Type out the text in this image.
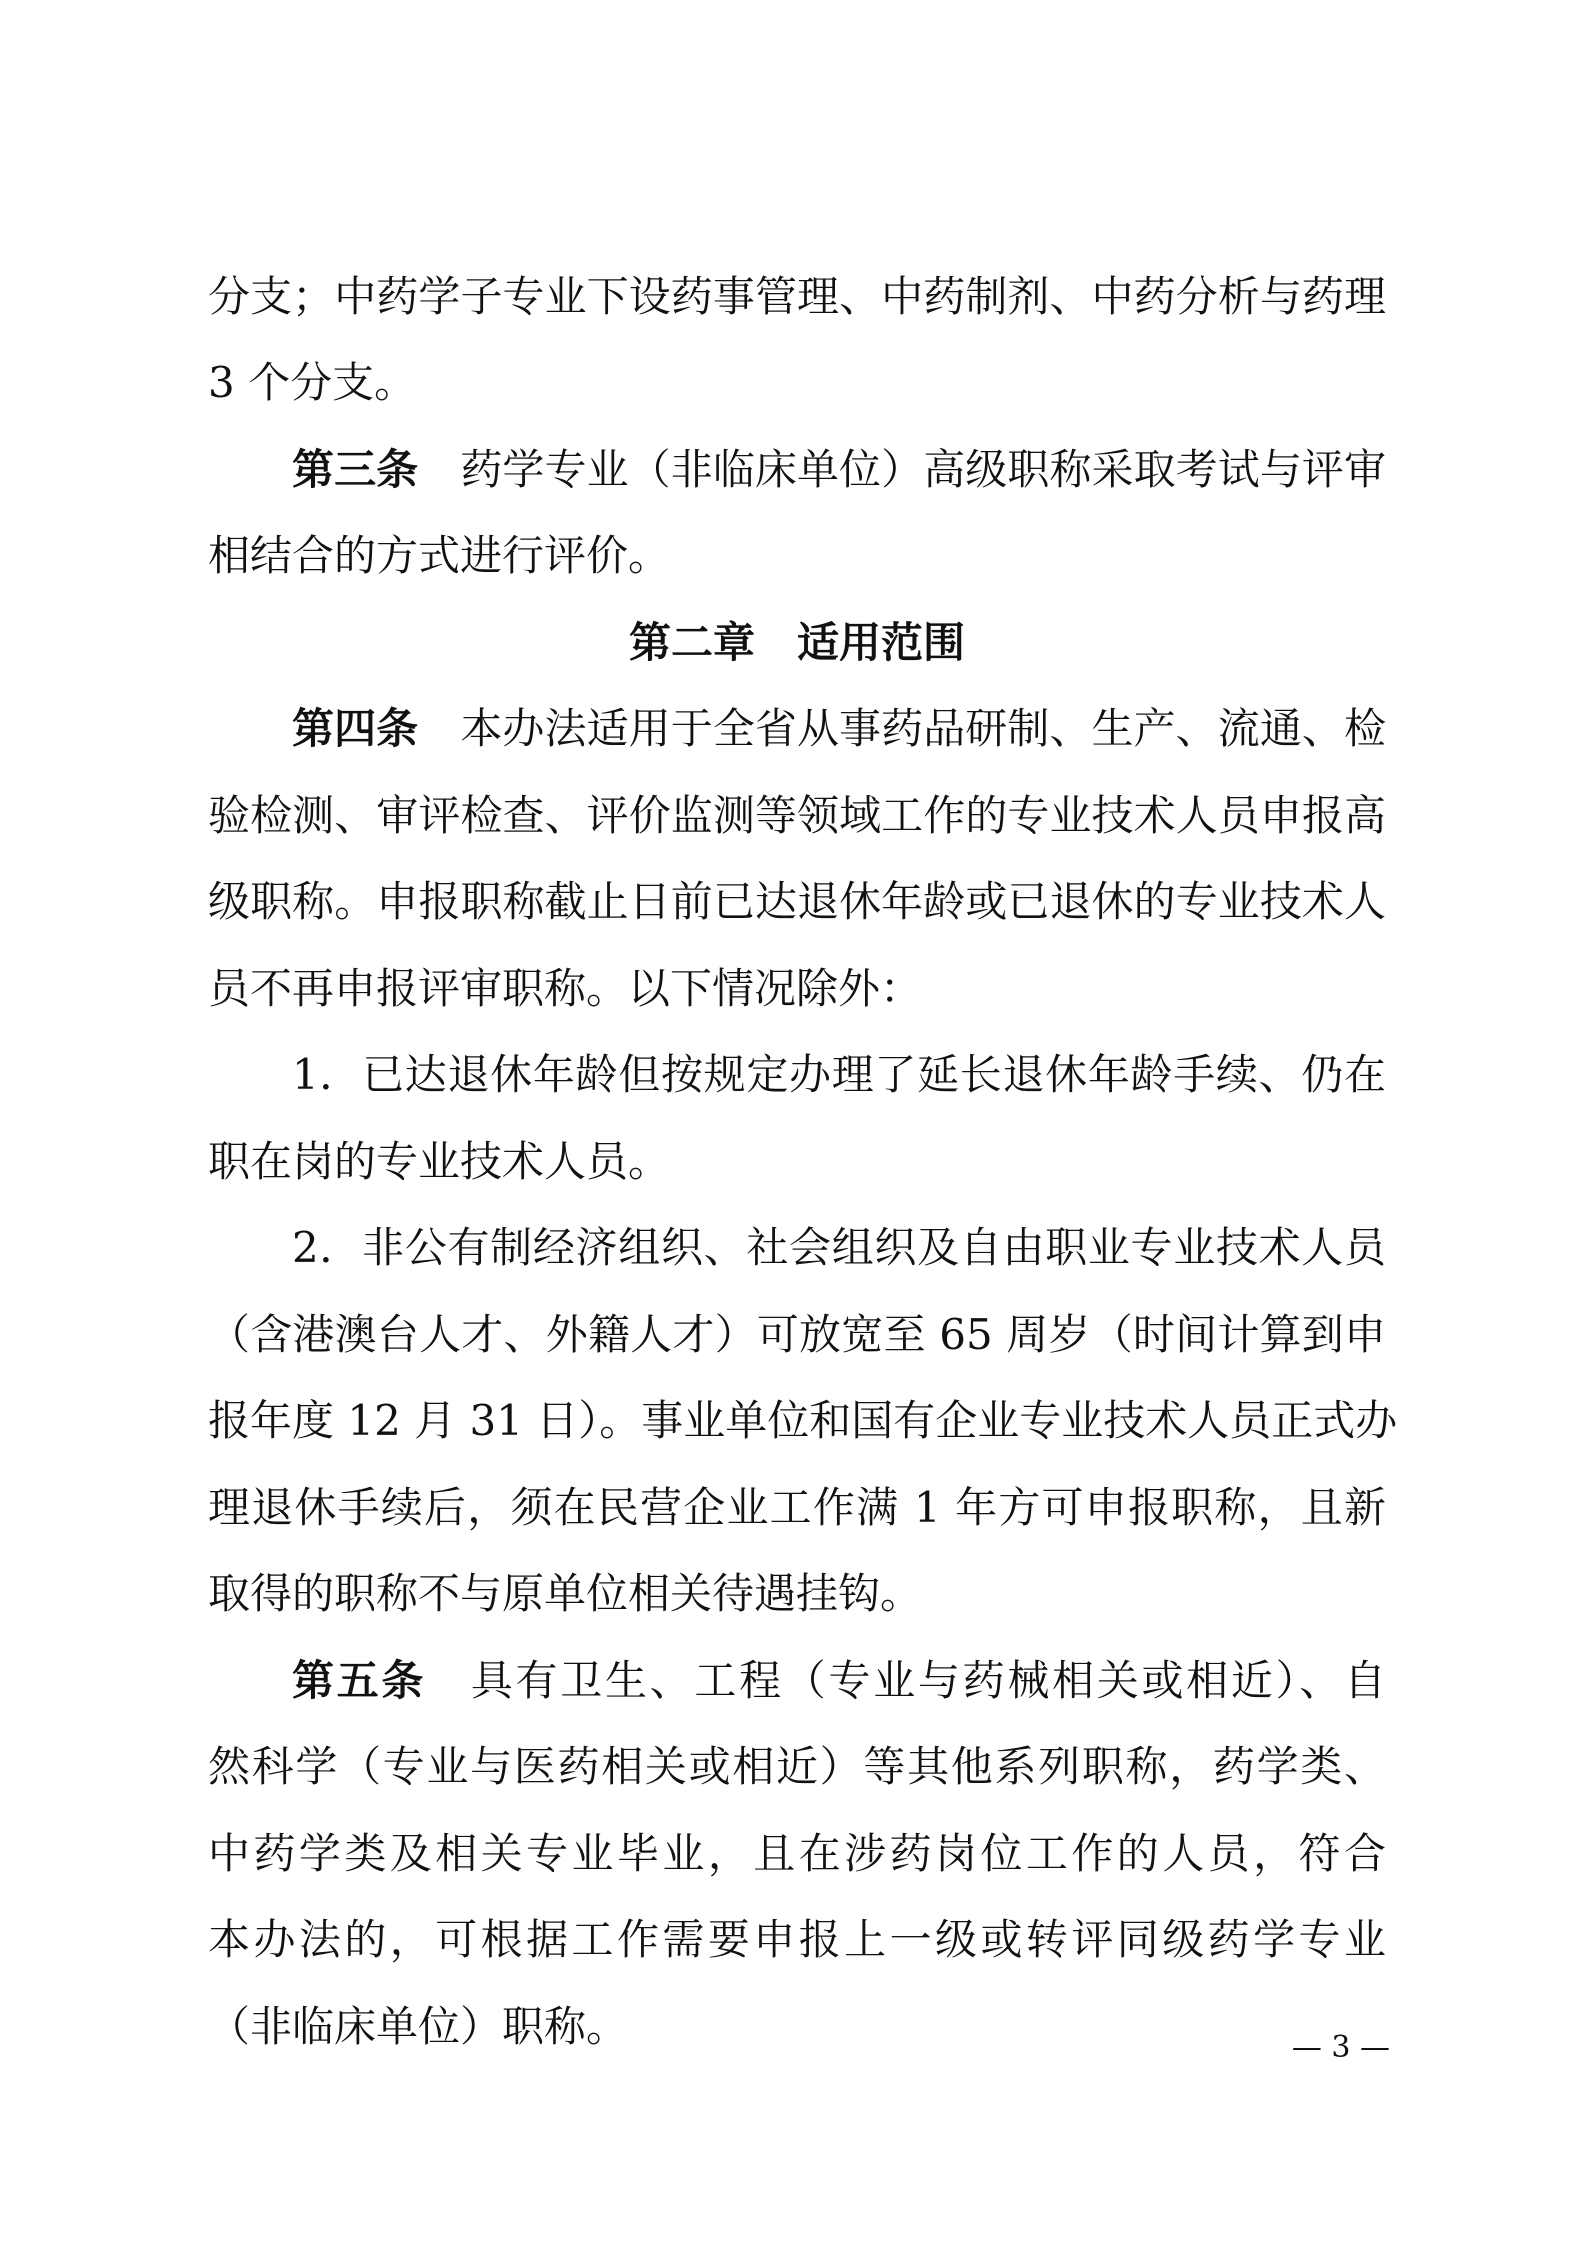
分支；中药学子专业下设药事管理、中药制剂、中药分析与药理
3 个分支。
第三条　 药学专业（非临床单位）高级职称采取考试与评审
相结合的方式进行评价。
第二章　适用范围
第四条　 本办法适用于全省从事药品研制、生产、流通、检
验检测、审评检查、评价监测等领域工作的专业技术人员申报高
级职称。申报职称截止日前已达退休年龄或已退休的专业技术人
员不再申报评审职称。以下情况除外：
1．已达退休年龄但按规定办理了延长退休年龄手续、仍在
职在岗的专业技术人员。
2．非公有制经济组织、社会组织及自由职业专业技术人员
（含港澳台人才、外籍人才）可放宽至 65 周岁（时间计算到申
报年度 12 月 31 日）。事业单位和国有企业专业技术人员正式办
理退休手续后，须在民营企业工作满 1 年方可申报职称，且新
取得的职称不与原单位相关待遇挂钩。
第五条　 具有卫生、工程（专业与药械相关或相近）、自
然科学（专业与医药相关或相近）等其他系列职称，药学类、
中药学类及相关专业毕业，且在涉药岗位工作的人员，符合
本办法的，可根据工作需要申报上一级或转评同级药学专业
（非临床单位）职称。	— 3 —
